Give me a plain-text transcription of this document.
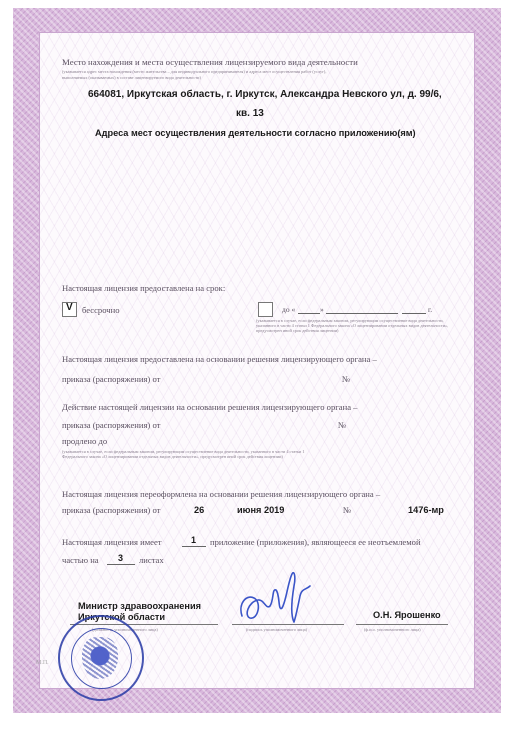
Место нахождения и места осуществления лицензируемого вида деятельности
(указывается адрес места нахождения (место жительства – для индивидуального предпринимателя) и адреса мест осуществления работ (услуг),
выполняемых (оказываемых) в составе лицензируемого вида деятельности)
664081, Иркутская область, г. Иркутск, Александра Невского ул, д. 99/6,
кв. 13
Адреса мест осуществления деятельности согласно приложению(ям)
Настоящая лицензия предоставлена на срок:
V бессрочно	до «	»	г.
(указывается в случае, если федеральным законом, регулирующим осуществление вида деятельности, указанного в части 4 статьи 1 Федерального закона «О лицензировании отдельных видов деятельности», предусмотрен иной срок действия лицензии)
Настоящая лицензия предоставлена на основании решения лицензирующего органа –
приказа (распоряжения) от	№
Действие настоящей лицензии на основании решения лицензирующего органа –
приказа (распоряжения) от	№
продлено до
(указывается в случае, если федеральным законом, регулирующим осуществление вида деятельности, указанного в части 4 статьи 1 Федерального закона «О лицензировании отдельных видов деятельности», предусмотрен иной срок действия лицензии)
Настоящая лицензия переоформлена на основании решения лицензирующего органа –
приказа (распоряжения) от	26	июня 2019	№	1476-мр
Настоящая лицензия имеет	1 приложение (приложения), являющееся ее неотъемлемой
частью на 3 листах
Министр здравоохранения
Иркутской области
(должность уполномоченного лица)	(подпись уполномоченного лица)
О.Н. Ярошенко
(ф.и.о. уполномоченного лица)
М.П.
